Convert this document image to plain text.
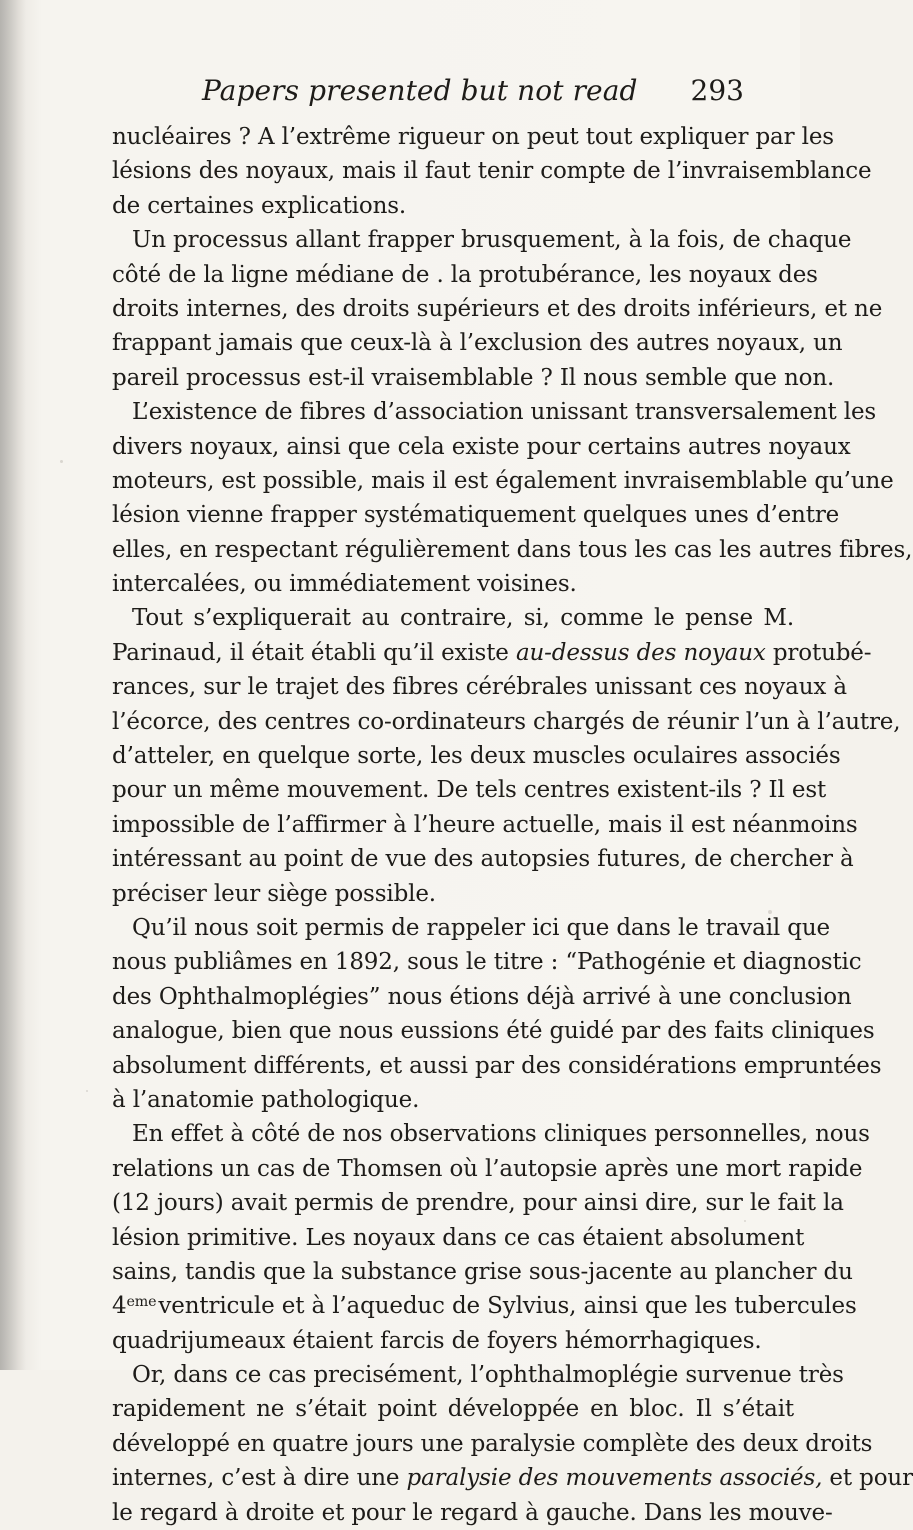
Papers presented but not read 293
nucléaires ? A l’extrême rigueur on peut tout expliquer par les
lésions des noyaux, mais il faut tenir compte de l’invraisemblance
de certaines explications.
Un processus allant frapper brusquement, à la fois, de chaque
côté de la ligne médiane de . la protubérance, les noyaux des
droits internes, des droits supérieurs et des droits inférieurs, et ne
frappant jamais que ceux-là à l’exclusion des autres noyaux, un
pareil processus est-il vraisemblable ? Il nous semble que non.
L’existence de fibres d’association unissant transversalement les
divers noyaux, ainsi que cela existe pour certains autres noyaux
moteurs, est possible, mais il est également invraisemblable qu’une
lésion vienne frapper systématiquement quelques unes d’entre
elles, en respectant régulièrement dans tous les cas les autres fibres,
intercalées, ou immédiatement voisines.
Tout s’expliquerait au contraire, si, comme le pense M.
Parinaud, il était établi qu’il existe au-dessus des noyaux protubé-
rances, sur le trajet des fibres cérébrales unissant ces noyaux à
l’écorce, des centres co-ordinateurs chargés de réunir l’un à l’autre,
d’atteler, en quelque sorte, les deux muscles oculaires associés
pour un même mouvement. De tels centres existent-ils ? Il est
impossible de l’affirmer à l’heure actuelle, mais il est néanmoins
intéressant au point de vue des autopsies futures, de chercher à
préciser leur siège possible.
Qu’il nous soit permis de rappeler ici que dans le travail que
nous publiâmes en 1892, sous le titre : “Pathogénie et diagnostic
des Ophthalmoplégies” nous étions déjà arrivé à une conclusion
analogue, bien que nous eussions été guidé par des faits cliniques
absolument différents, et aussi par des considérations empruntées
à l’anatomie pathologique.
En effet à côté de nos observations cliniques personnelles, nous
relations un cas de Thomsen où l’autopsie après une mort rapide
(12 jours) avait permis de prendre, pour ainsi dire, sur le fait la
lésion primitive. Les noyaux dans ce cas étaient absolument
sains, tandis que la substance grise sous-jacente au plancher du
4emeventricule et à l’aqueduc de Sylvius, ainsi que les tubercules
quadrijumeaux étaient farcis de foyers hémorrhagiques.
Or, dans ce cas precisément, l’ophthalmoplégie survenue très
rapidement ne s’était point développée en bloc. Il s’était
développé en quatre jours une paralysie complète des deux droits
internes, c’est à dire une paralysie des mouvements associés, et pour
le regard à droite et pour le regard à gauche. Dans les mouve-
